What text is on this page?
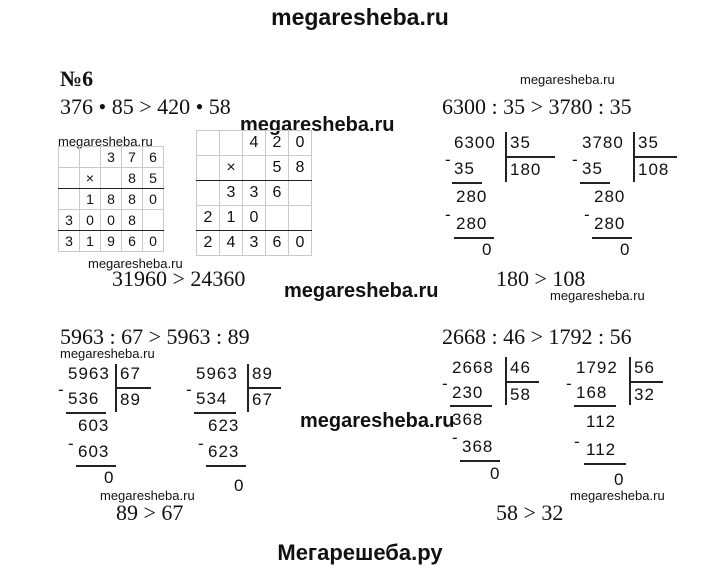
megaresheba.ru
Мегарешеба.ру
№6
376 • 85 > 420 • 58
megaresheba.ru
megaresheba.ru
		3	7	6
	×		8	5
	1	8	8	0
3	0	0	8	
3	1	9	6	0
		4	2	0
	×		5	8
	3	3	6	
2	1	0		
2	4	3	6	0
megaresheba.ru
31960 > 24360 megaresheba.ru
megaresheba.ru
6300 : 35 > 3780 : 35
6300 35
180
- 35
280
- 280
0
3780 35
108
- 35
280
- 280
0
180 > 108
megaresheba.ru
5963 : 67 > 5963 : 89
megaresheba.ru
5963 67
89
- 536
603
- 603
0
5963 89
67
- 534
623
- 623
0
megaresheba.ru
89 > 67
megaresheba.ru
2668 : 46 > 1792 : 56
2668 46
58
- 230
368
- 368
0
1792 56
32
- 168
112
- 112
0
megaresheba.ru
58 > 32
